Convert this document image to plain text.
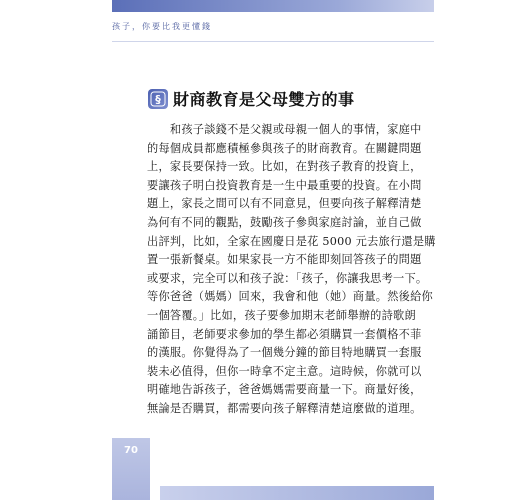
孩子，你要比我更懂錢
§ 財商教育是父母雙方的事
　　和孩子談錢不是父親或母親一個人的事情，家庭中
的每個成員都應積極參與孩子的財商教育。在關鍵問題
上，家長要保持一致。比如，在對孩子教育的投資上，
要讓孩子明白投資教育是一生中最重要的投資。在小問
題上，家長之間可以有不同意見，但要向孩子解釋清楚
為何有不同的觀點，鼓勵孩子參與家庭討論，並自己做
出評判，比如，全家在國慶日是花 5000 元去旅行還是購
置一張新餐桌。如果家長一方不能即刻回答孩子的問題
或要求，完全可以和孩子說：「孩子，你讓我思考一下。
等你爸爸（媽媽）回來，我會和他（她）商量。然後給你
一個答覆。」比如，孩子要參加期末老師舉辦的詩歌朗
誦節目，老師要求參加的學生都必須購買一套價格不菲
的漢服。你覺得為了一個幾分鐘的節目特地購買一套服
裝未必值得，但你一時拿不定主意。這時候，你就可以
明確地告訴孩子，爸爸媽媽需要商量一下。商量好後，
無論是否購買，都需要向孩子解釋清楚這麼做的道理。
70
